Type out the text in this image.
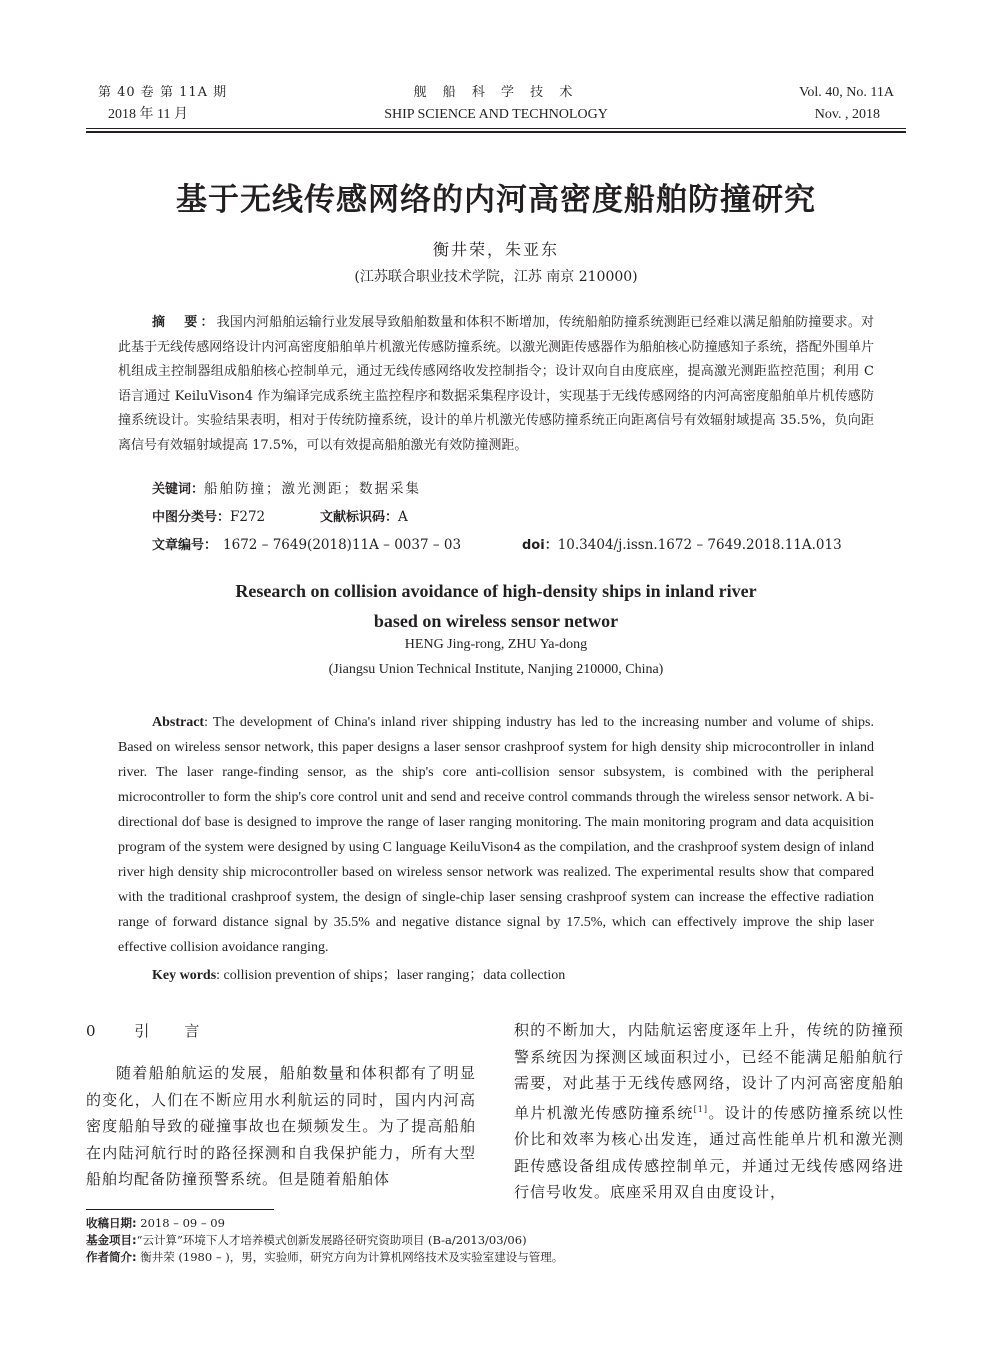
第 40 卷 第 11A 期
2018 年 11 月
舰 船 科 学 技 术
SHIP SCIENCE AND TECHNOLOGY
Vol. 40, No. 11A
Nov. , 2018
基于无线传感网络的内河高密度船舶防撞研究
衡井荣，朱亚东
(江苏联合职业技术学院，江苏 南京 210000)
摘　要：我国内河船舶运输行业发展导致船舶数量和体积不断增加，传统船舶防撞系统测距已经难以满足船舶防撞要求。对此基于无线传感网络设计内河高密度船舶单片机激光传感防撞系统。以激光测距传感器作为船舶核心防撞感知子系统，搭配外围单片机组成主控制器组成船舶核心控制单元，通过无线传感网络收发控制指令；设计双向自由度底座，提高激光测距监控范围；利用 C 语言通过 KeiluVison4 作为编译完成系统主监控程序和数据采集程序设计，实现基于无线传感网络的内河高密度船舶单片机传感防撞系统设计。实验结果表明，相对于传统防撞系统，设计的单片机激光传感防撞系统正向距离信号有效辐射域提高 35.5%，负向距离信号有效辐射域提高 17.5%，可以有效提高船舶激光有效防撞测距。
关键词：船舶防撞；激光测距；数据采集
中图分类号：F272	文献标识码：A
文章编号： 1672 – 7649(2018)11A – 0037 – 03	doi：10.3404/j.issn.1672 – 7649.2018.11A.013
Research on collision avoidance of high-density ships in inland river
based on wireless sensor networ
HENG Jing-rong, ZHU Ya-dong
(Jiangsu Union Technical Institute, Nanjing 210000, China)
Abstract: The development of China's inland river shipping industry has led to the increasing number and volume of ships. Based on wireless sensor network, this paper designs a laser sensor crashproof system for high density ship microcontroller in inland river. The laser range-finding sensor, as the ship's core anti-collision sensor subsystem, is combined with the peripheral microcontroller to form the ship's core control unit and send and receive control commands through the wireless sensor network. A bi-directional dof base is designed to improve the range of laser ranging monitoring. The main monitoring program and data acquisition program of the system were designed by using C language KeiluVison4 as the compilation, and the crashproof system design of inland river high density ship microcontroller based on wireless sensor network was realized. The experimental results show that compared with the traditional crashproof system, the design of single-chip laser sensing crashproof system can increase the effective radiation range of forward distance signal by 35.5% and negative distance signal by 17.5%, which can effectively improve the ship laser effective collision avoidance ranging.
Key words: collision prevention of ships；laser ranging；data collection
0 引　言
随着船舶航运的发展，船舶数量和体积都有了明显的变化，人们在不断应用水利航运的同时，国内内河高密度船舶导致的碰撞事故也在频频发生。为了提高船舶在内陆河航行时的路径探测和自我保护能力，所有大型船舶均配备防撞预警系统。但是随着船舶体
积的不断加大，内陆航运密度逐年上升，传统的防撞预警系统因为探测区域面积过小，已经不能满足船舶航行需要，对此基于无线传感网络，设计了内河高密度船舶单片机激光传感防撞系统[1]。设计的传感防撞系统以性价比和效率为核心出发连，通过高性能单片机和激光测距传感设备组成传感控制单元，并通过无线传感网络进行信号收发。底座采用双自由度设计，
收稿日期: 2018 – 09 – 09
基金项目:“云计算”环境下人才培养模式创新发展路径研究资助项目 (B-a/2013/03/06)
作者简介: 衡井荣 (1980 – )，男，实验师，研究方向为计算机网络技术及实验室建设与管理。
